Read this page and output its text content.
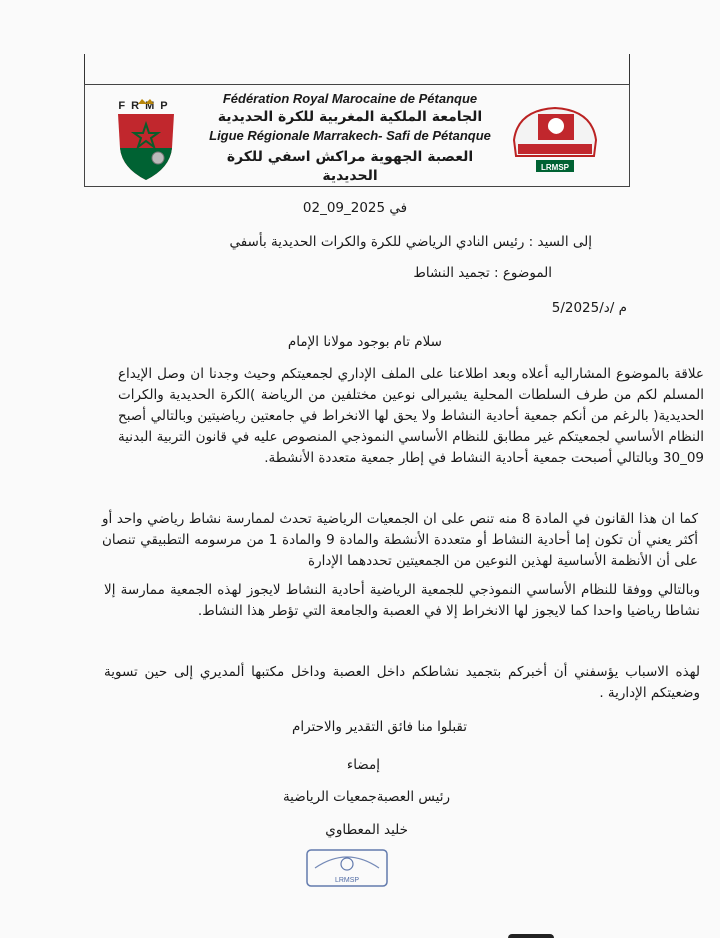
FRMP	Fédération Royal Marocaine de Pétanque
الجامعة الملكية المغربية للكرة الحديدية
Ligue Régionale Marrakech- Safi de Pétanque
العصبة الجهوية مراكش اسفي للكرة الحديدية
LRMSP
في 2025_09_02
إلى السيد : رئيس النادي الرياضي للكرة والكرات الحديدية بأسفي
الموضوع : تجميد النشاط
م /د/5/2025
سلام تام بوجود مولانا الإمام
علاقة بالموضوع المشاراليه أعلاه وبعد اطلاعنا على الملف الإداري لجمعيتكم وحيث وجدنا ان وصل الإيداع المسلم لكم من طرف السلطات المحلية يشيرالى نوعين مختلفين من الرياضة )الكرة الحديدية والكرات الحديدية( بالرغم من أنكم جمعية أحادية النشاط ولا يحق لها الانخراط في جامعتين رياضيتين وبالتالي أصبح النظام الأساسي لجمعيتكم غير مطابق للنظام الأساسي النموذجي المنصوص عليه في قانون التربية البدنية 09_30 وبالتالي أصبحت جمعية أحادية النشاط في إطار جمعية متعددة الأنشطة.
كما ان هذا القانون في المادة 8 منه تنص على ان الجمعيات الرياضية تحدث لممارسة نشاط رياضي واحد أو أكثر يعني أن تكون إما أحادية النشاط أو متعددة الأنشطة والمادة 9 والمادة 1 من مرسومه التطبيقي تنصان على أن الأنظمة الأساسية لهذين النوعين من الجمعيتين تحددهما الإدارة
وبالتالي ووفقا للنظام الأساسي النموذجي للجمعية الرياضية أحادية النشاط لايجوز لهذه الجمعية ممارسة إلا نشاطا رياضيا واحدا كما لايجوز لها الانخراط إلا في العصبة والجامعة التي تؤطر هذا النشاط.
لهذه الاسباب يؤسفني أن أخبركم بتجميد نشاطكم داخل العصبة وداخل مكتبها ألمديري إلى حين تسوية وضعيتكم الإدارية .
تقبلوا منا فائق التقدير والاحترام
إمضاء
رئيس العصبةجمعيات الرياضية
خليد المعطاوي
LRMSP
